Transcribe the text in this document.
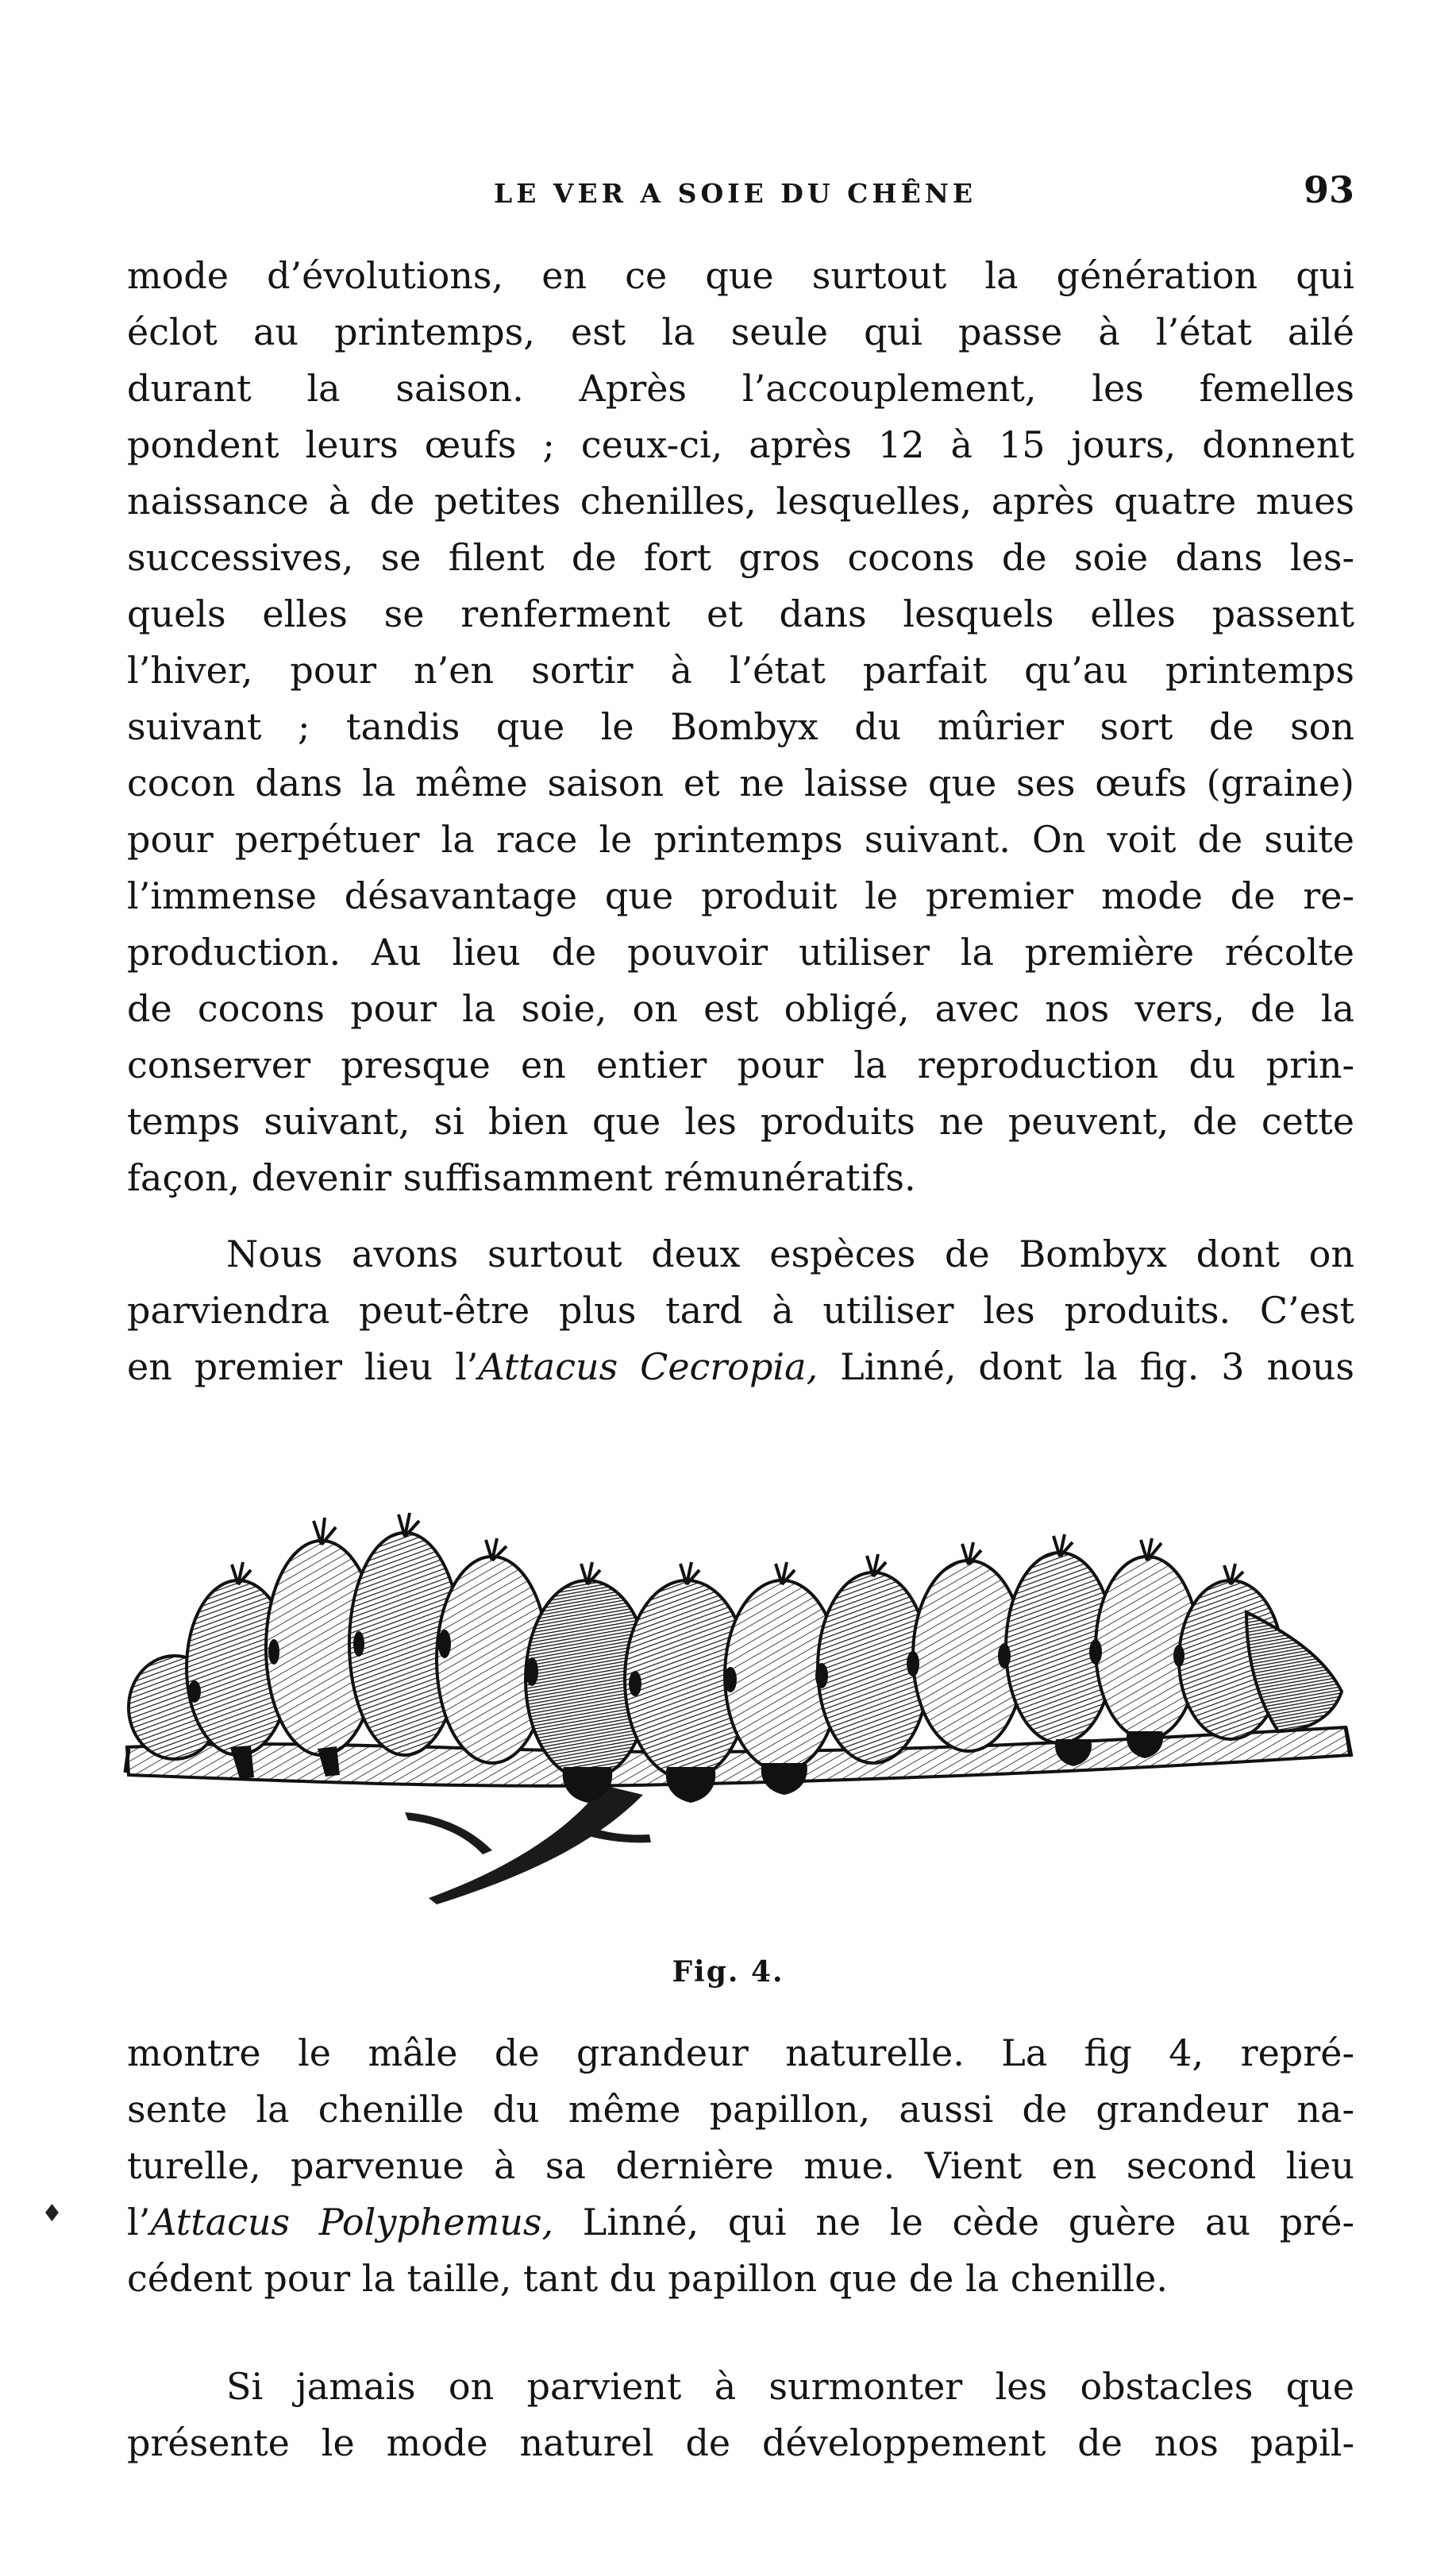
LE VER A SOIE DU CHÊNE	93
mode d’évolutions, en ce que surtout la génération qui
éclot au printemps, est la seule qui passe à l’état ailé
durant la saison. Après l’accouplement, les femelles
pondent leurs œufs ; ceux-ci, après 12 à 15 jours, donnent
naissance à de petites chenilles, lesquelles, après quatre mues
successives, se filent de fort gros cocons de soie dans les-
quels elles se renferment et dans lesquels elles passent
l’hiver, pour n’en sortir à l’état parfait qu’au printemps
suivant ; tandis que le Bombyx du mûrier sort de son
cocon dans la même saison et ne laisse que ses œufs (graine)
pour perpétuer la race le printemps suivant. On voit de suite
l’immense désavantage que produit le premier mode de re-
production. Au lieu de pouvoir utiliser la première récolte
de cocons pour la soie, on est obligé, avec nos vers, de la
conserver presque en entier pour la reproduction du prin-
temps suivant, si bien que les produits ne peuvent, de cette
façon, devenir suffisamment rémunératifs.
Nous avons surtout deux espèces de Bombyx dont on
parviendra peut-être plus tard à utiliser les produits. C’est
en premier lieu l’Attacus Cecropia, Linné, dont la fig. 3 nous
Fig. 4.
♦
montre le mâle de grandeur naturelle. La fig 4, repré-
sente la chenille du même papillon, aussi de grandeur na-
turelle, parvenue à sa dernière mue. Vient en second lieu
l’Attacus Polyphemus, Linné, qui ne le cède guère au pré-
cédent pour la taille, tant du papillon que de la chenille.
Si jamais on parvient à surmonter les obstacles que
présente le mode naturel de développement de nos papil-
